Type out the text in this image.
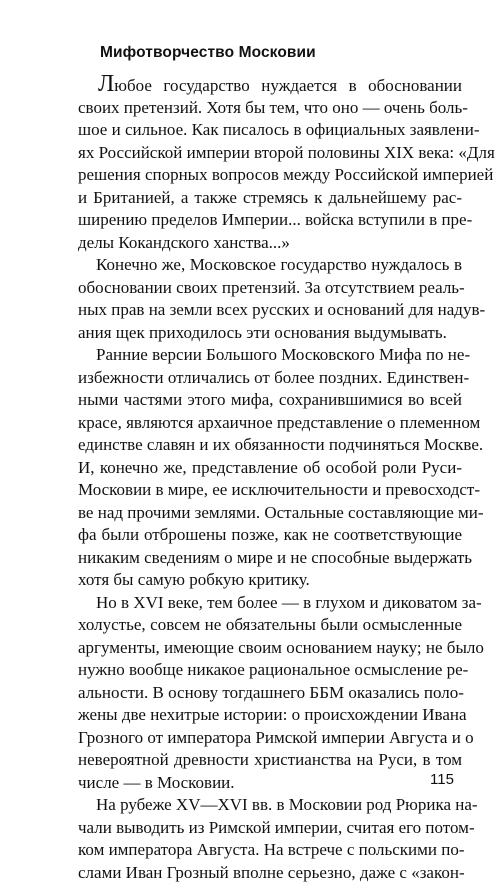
Мифотворчество Московии
Любое государство нуждается в обосновании
своих претензий. Хотя бы тем, что оно — очень боль-
шое и сильное. Как писалось в официальных заявлени-
ях Российской империи второй половины XIX века: «Для
решения спорных вопросов между Российской империей
и Британией, а также стремясь к дальнейшему рас-
ширению пределов Империи... войска вступили в пре-
делы Кокандского ханства...»
Конечно же, Московское государство нуждалось в
обосновании своих претензий. За отсутствием реаль-
ных прав на земли всех русских и оснований для надув-
ания щек приходилось эти основания выдумывать.
Ранние версии Большого Московского Мифа по не-
избежности отличались от более поздних. Единствен-
ными частями этого мифа, сохранившимися во всей
красе, являются архаичное представление о племенном
единстве славян и их обязанности подчиняться Москве.
И, конечно же, представление об особой роли Руси-
Московии в мире, ее исключительности и превосходст-
ве над прочими землями. Остальные составляющие ми-
фа были отброшены позже, как не соответствующие
никаким сведениям о мире и не способные выдержать
хотя бы самую робкую критику.
Но в XVI веке, тем более — в глухом и диковатом за-
холустье, совсем не обязательны были осмысленные
аргументы, имеющие своим основанием науку; не было
нужно вообще никакое рациональное осмысление ре-
альности. В основу тогдашнего ББМ оказались поло-
жены две нехитрые истории: о происхождении Ивана
Грозного от императора Римской империи Августа и о
невероятной древности христианства на Руси, в том
числе — в Московии.
На рубеже XV—XVI вв. в Московии род Рюрика на-
чали выводить из Римской империи, считая его потом-
ком императора Августа. На встрече с польскими по-
слами Иван Грозный вполне серьезно, даже с «закон-
115
